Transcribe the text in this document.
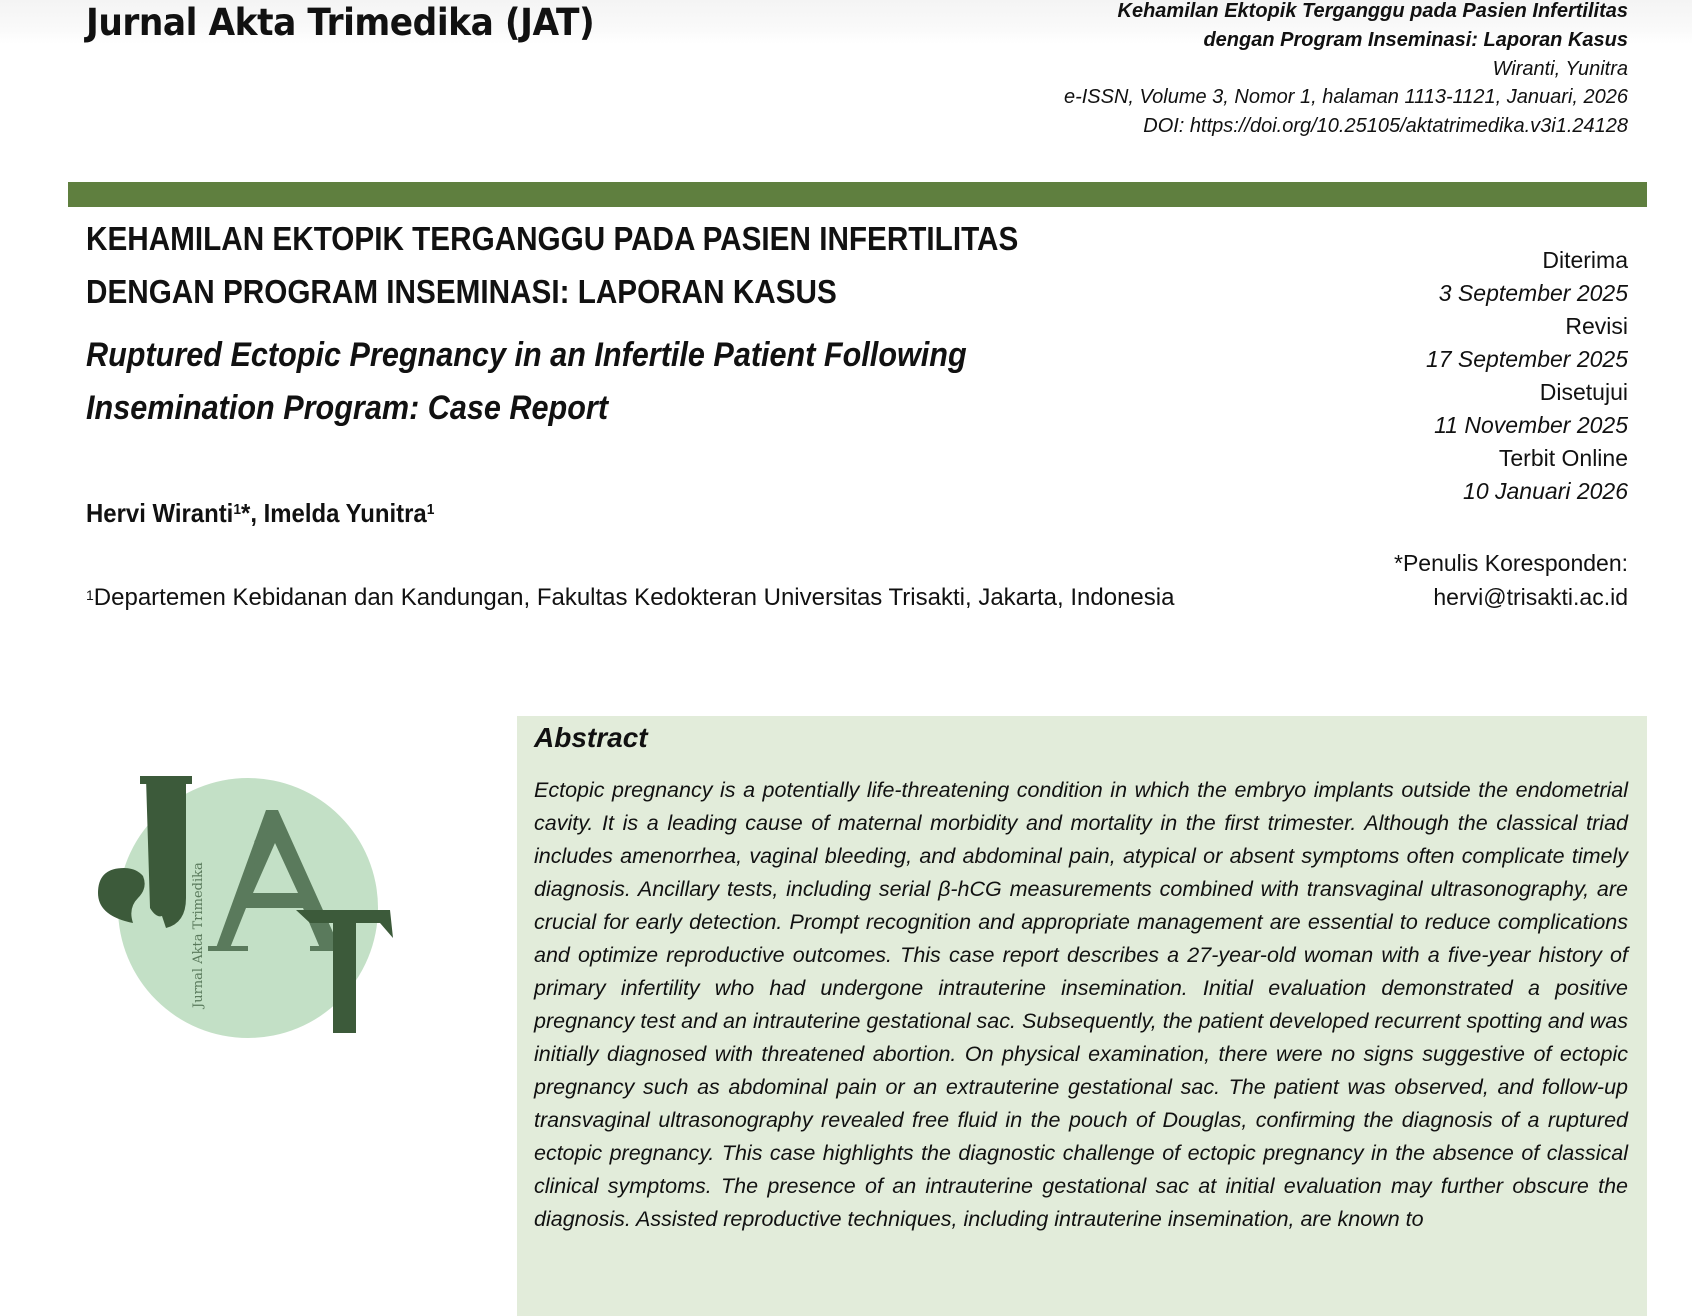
Jurnal Akta Trimedika (JAT)	Kehamilan Ektopik Terganggu pada Pasien Infertilitas
dengan Program Inseminasi: Laporan Kasus
Wiranti, Yunitra
e-ISSN, Volume 3, Nomor 1, halaman 1113-1121, Januari, 2026
DOI: https://doi.org/10.25105/aktatrimedika.v3i1.24128
KEHAMILAN EKTOPIK TERGANGGU PADA PASIEN INFERTILITAS
DENGAN PROGRAM INSEMINASI: LAPORAN KASUS
Ruptured Ectopic Pregnancy in an Infertile Patient Following
Insemination Program: Case Report
Diterima
3 September 2025
Revisi
17 September 2025
Disetujui
11 November 2025
Terbit Online
10 Januari 2026
Hervi Wiranti$^1$*, Imelda Yunitra$^1$
$^1$Departemen Kebidanan dan Kandungan, Fakultas Kedokteran Universitas Trisakti, Jakarta, Indonesia
*Penulis Koresponden:
hervi@trisakti.ac.id
Jurnal Akta Trimedika
Abstract
Ectopic pregnancy is a potentially life-threatening condition in which the embryo implants outside the endometrial cavity. It is a leading cause of maternal morbidity and mortality in the first trimester. Although the classical triad includes amenorrhea, vaginal bleeding, and abdominal pain, atypical or absent symptoms often complicate timely diagnosis. Ancillary tests, including serial β-hCG measurements combined with transvaginal ultrasonography, are crucial for early detection. Prompt recognition and appropriate management are essential to reduce complications and optimize reproductive outcomes. This case report describes a 27-year-old woman with a five-year history of primary infertility who had undergone intrauterine insemination. Initial evaluation demonstrated a positive pregnancy test and an intrauterine gestational sac. Subsequently, the patient developed recurrent spotting and was initially diagnosed with threatened abortion. On physical examination, there were no signs suggestive of ectopic pregnancy such as abdominal pain or an extrauterine gestational sac. The patient was observed, and follow-up transvaginal ultrasonography revealed free fluid in the pouch of Douglas, confirming the diagnosis of a ruptured ectopic pregnancy. This case highlights the diagnostic challenge of ectopic pregnancy in the absence of classical clinical symptoms. The presence of an intrauterine gestational sac at initial evaluation may further obscure the diagnosis. Assisted reproductive techniques, including intrauterine insemination, are known to
